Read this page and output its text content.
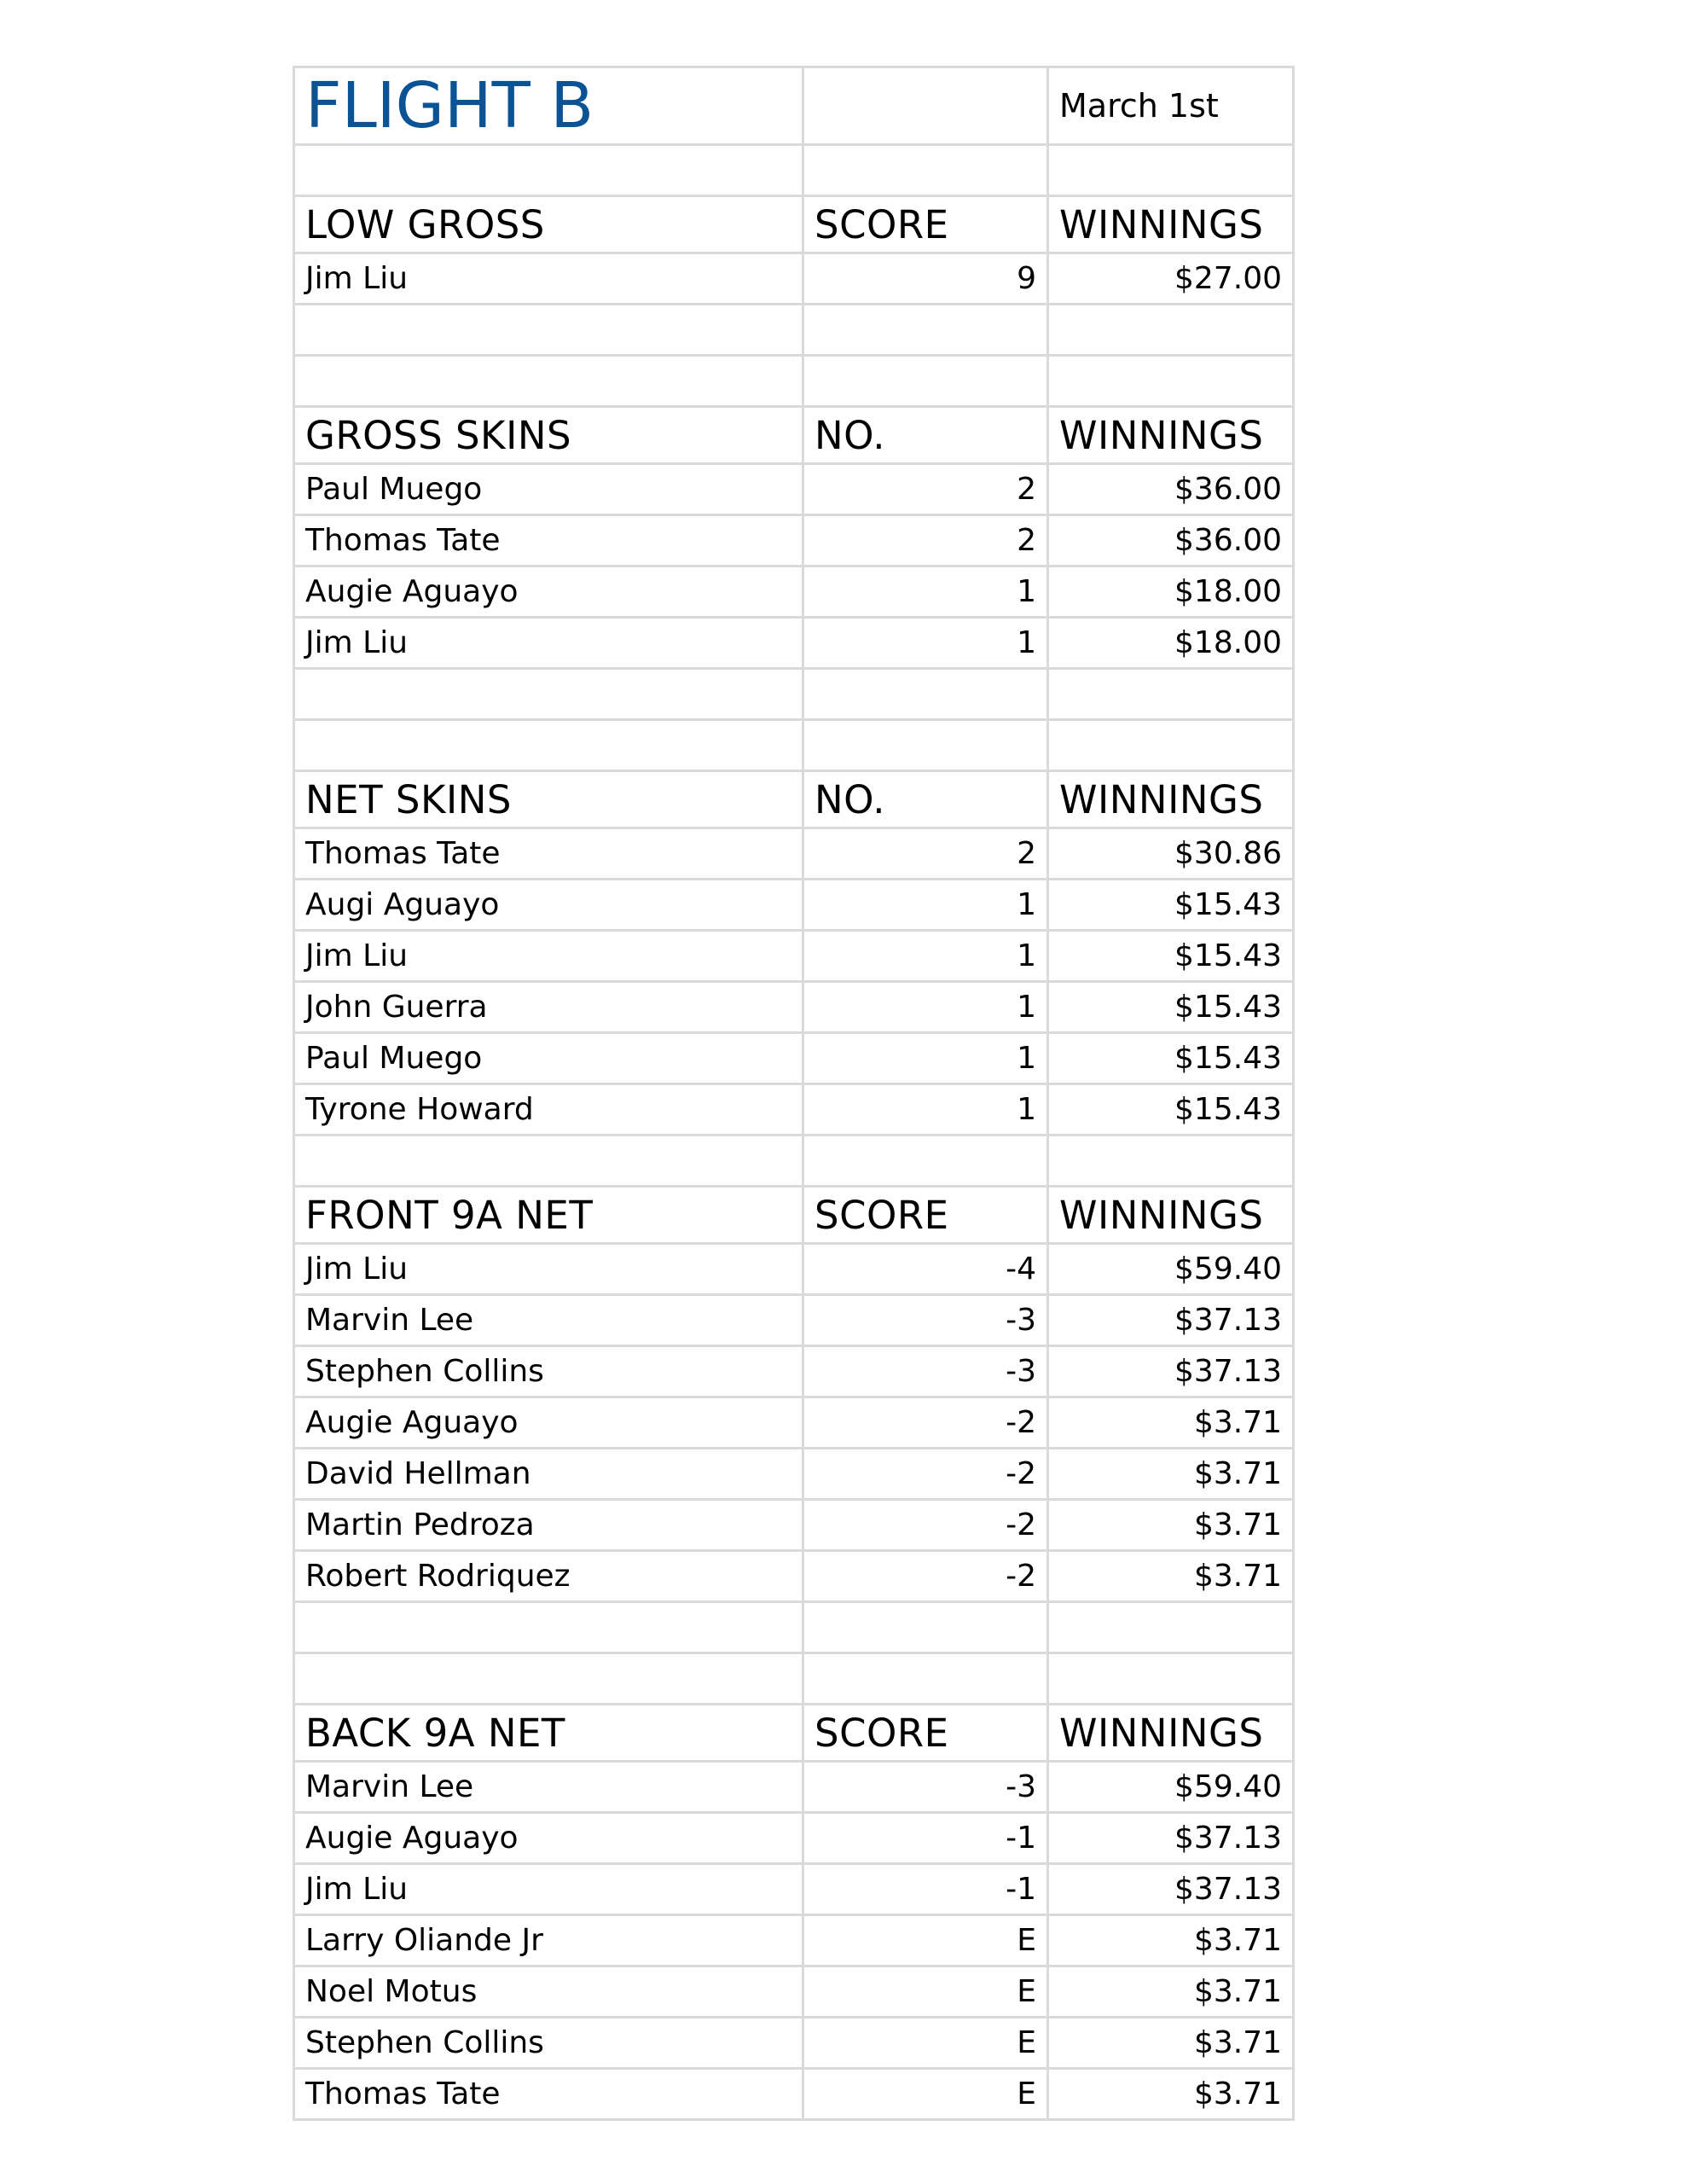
FLIGHT B		March 1st

LOW GROSS	SCORE	WINNINGS
Jim Liu	9	$27.00

GROSS SKINS	NO.	WINNINGS
Paul Muego	2	$36.00
Thomas Tate	2	$36.00
Augie Aguayo	1	$18.00
Jim Liu	1	$18.00

NET SKINS	NO.	WINNINGS
Thomas Tate	2	$30.86
Augi Aguayo	1	$15.43
Jim Liu	1	$15.43
John Guerra	1	$15.43
Paul Muego	1	$15.43
Tyrone Howard	1	$15.43

FRONT 9A NET	SCORE	WINNINGS
Jim Liu	-4	$59.40
Marvin Lee	-3	$37.13
Stephen Collins	-3	$37.13
Augie Aguayo	-2	$3.71
David Hellman	-2	$3.71
Martin Pedroza	-2	$3.71
Robert Rodriquez	-2	$3.71

BACK 9A NET	SCORE	WINNINGS
Marvin Lee	-3	$59.40
Augie Aguayo	-1	$37.13
Jim Liu	-1	$37.13
Larry Oliande Jr	E	$3.71
Noel Motus	E	$3.71
Stephen Collins	E	$3.71
Thomas Tate	E	$3.71
